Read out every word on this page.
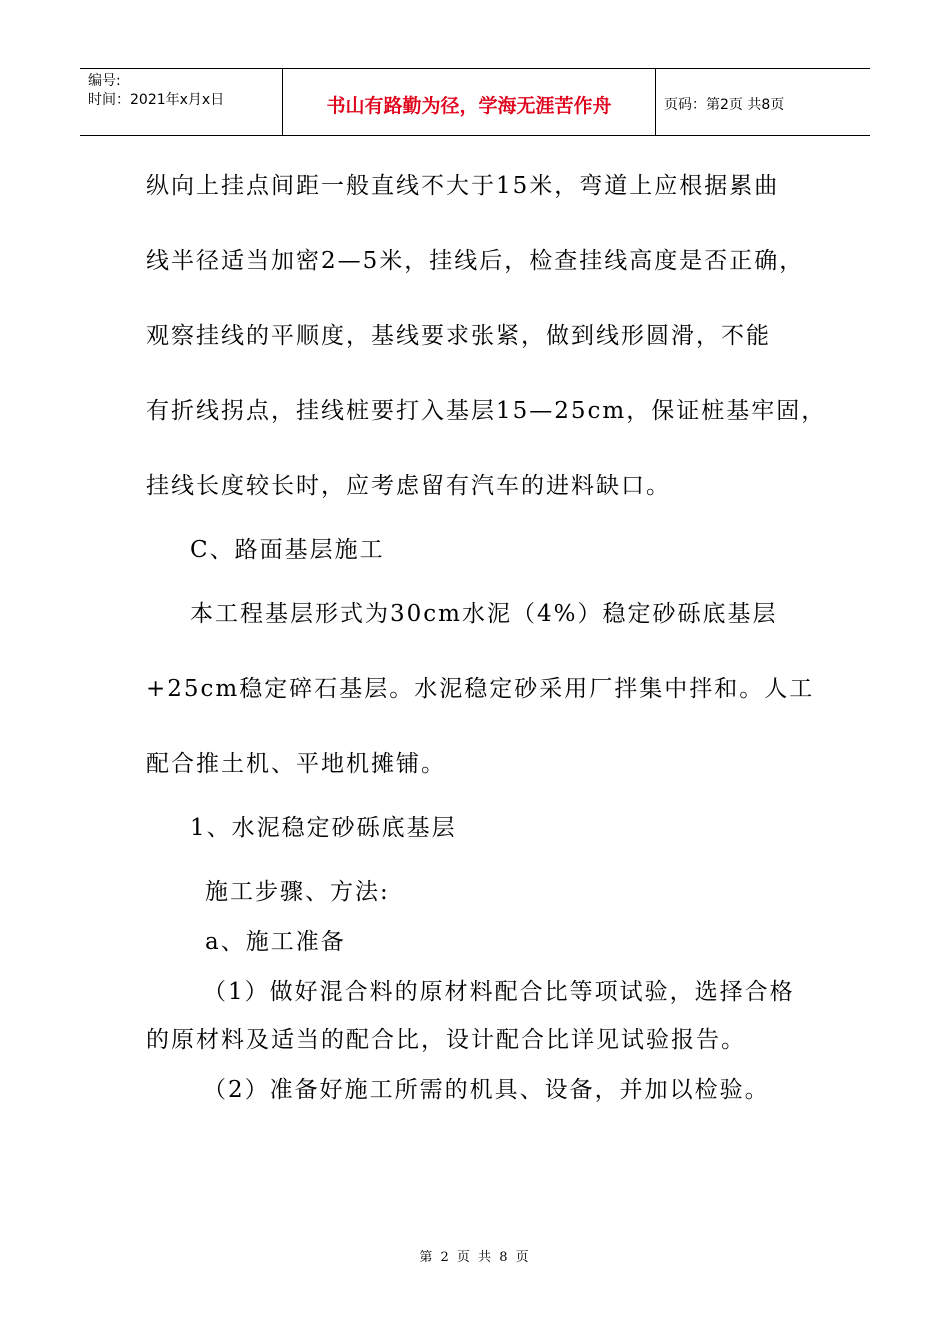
编号:
时间：2021年x月x日	书山有路勤为径，学海无涯苦作舟	页码：第2页 共8页
纵向上挂点间距一般直线不大于15米，弯道上应根据累曲
线半径适当加密2—5米，挂线后，检查挂线高度是否正确，
观察挂线的平顺度，基线要求张紧，做到线形圆滑，不能
有折线拐点，挂线桩要打入基层15—25cm，保证桩基牢固，
挂线长度较长时，应考虑留有汽车的进料缺口。
C、路面基层施工
本工程基层形式为30cm水泥（4%）稳定砂砾底基层
+25cm稳定碎石基层。水泥稳定砂采用厂拌集中拌和。人工
配合推土机、平地机摊铺。
1、水泥稳定砂砾底基层
施工步骤、方法:
a、施工准备
（1）做好混合料的原材料配合比等项试验，选择合格
的原材料及适当的配合比，设计配合比详见试验报告。
（2）准备好施工所需的机具、设备，并加以检验。
第 2 页 共 8 页
